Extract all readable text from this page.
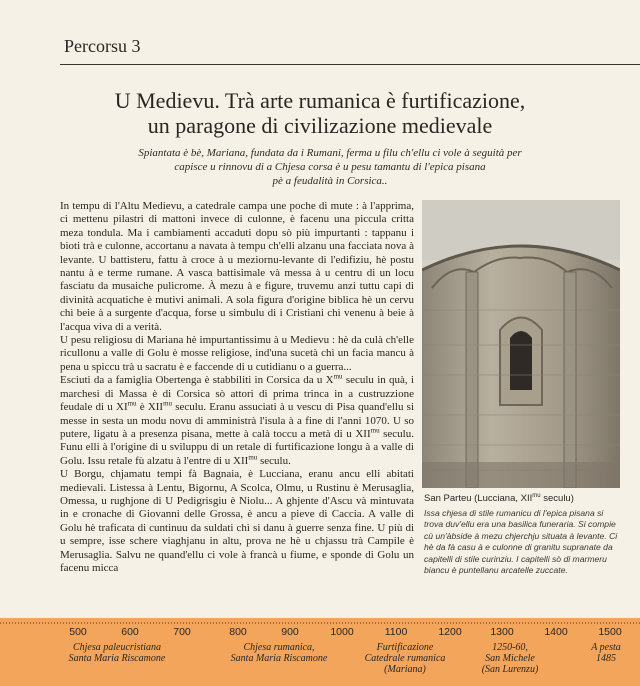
Percorsu 3
U Medievu. Trà arte rumanica è furtificazione,
un paragone di civilizazione medievale
Spiantata è bè, Mariana, fundata da i Rumani, ferma u filu ch'ellu ci vole à seguità per
capisce u rinnovu di a Chjesa corsa è u pesu tamantu di l'epica pisana
pè a feudalità in Corsica..

In tempu di l'Altu Medievu, a catedrale campa une poche di mute : à l'apprima, ci mettenu pilastri di mattoni invece di culonne, è facenu una piccula critta meza tondula. Ma i cambiamenti accaduti dopu sò più impurtanti : tappanu i bioti trà e culonne, accortanu a navata à tempu ch'elli alzanu una facciata nova à levante. U battisteru, fattu à croce à u meziornu-levante di l'edifiziu, hè postu nantu à e terme rumane. A vasca battisimale và messa à u centru di un locu fasciatu da musaiche pulicrome. À mezu à e figure, truvemu anzi tuttu capi di divinità acquatiche è mutivi animali. A sola figura d'origine biblica hè un cervu chì beie à a surgente d'acqua, forse u simbulu di i Cristiani chì venenu à beie à l'acqua viva di a verità.

U pesu religiosu di Mariana hè impurtantissimu à u Medievu : hè da culà ch'elle ricullonu a valle di Golu è mosse religiose, ind'una sucetà chì un facia mancu à pena u spiccu trà u sacratu è e faccende di u cutidianu o a guerra...

Esciuti da a famiglia Obertenga è stabbiliti in Corsica da u $X^{mu}$ seculu in quà, i marchesi di Massa è di Corsica sò attori di prima trinca in a custruzzione feudale di u $XI^{mu}$ è $XII^{mu}$ seculu. Eranu assuciati à u vescu di Pisa quand'ellu si messe in sesta un modu novu di amministrà l'isula à a fine di l'anni 1070. U so putere, ligatu à a presenza pisana, mette à calà toccu a metà di u $XII^{mu}$ seculu. Funu elli à l'origine di u sviluppu di un retale di furtificazione longu à a valle di Golu. Issu retale fù alzatu à l'entre di u $XII^{mu}$ seculu.

U Borgu, chjamatu tempi fà Bagnaia, è Lucciana, eranu ancu elli abitati medievali. Listessa à Lentu, Bigornu, A Scolca, Olmu, u Rustinu è Merusaglia, Omessa, u rughjone di U Pedigrisgiu è Niolu... A ghjente d'Ascu và mintuvata in e cronache di Giovanni delle Grossa, è ancu a pieve di Caccia. A valle di Golu hè traficata di cuntinuu da suldati chì si danu à guerre senza fine. U più di u sempre, isse schere viaghjanu in altu, prova ne hè u chjassu trà Campile è Merusaglia. Salvu ne quand'ellu ci vole à francà u fiume, e sponde di Golu un facenu micca

San Parteu (Lucciana, $XII^{mu}$ seculu)
Issa chjesa di stile rumanicu di l'epica pisana si trova duv'ellu era una basilica funeraria. Si compie cù un'àbside à mezu chjerchju situata à levante. Ci hè da fà casu à e culonne di granitu supranate da capitelli di stile curinziu. I capitelli sò di marmeru biancu è puntellanu arcatelle zuccate.
500	600	700	800	900	1000	1100	1200	1300	1400	1500
Chjesa paleucristiana
Santa Maria Riscamone
Chjesa rumanica,
Santa Maria Riscamone
Furtificazione
Catedrale rumanica
(Mariana)
1250-60,
San Michele
(San Lurenzu)
A pesta
1485
